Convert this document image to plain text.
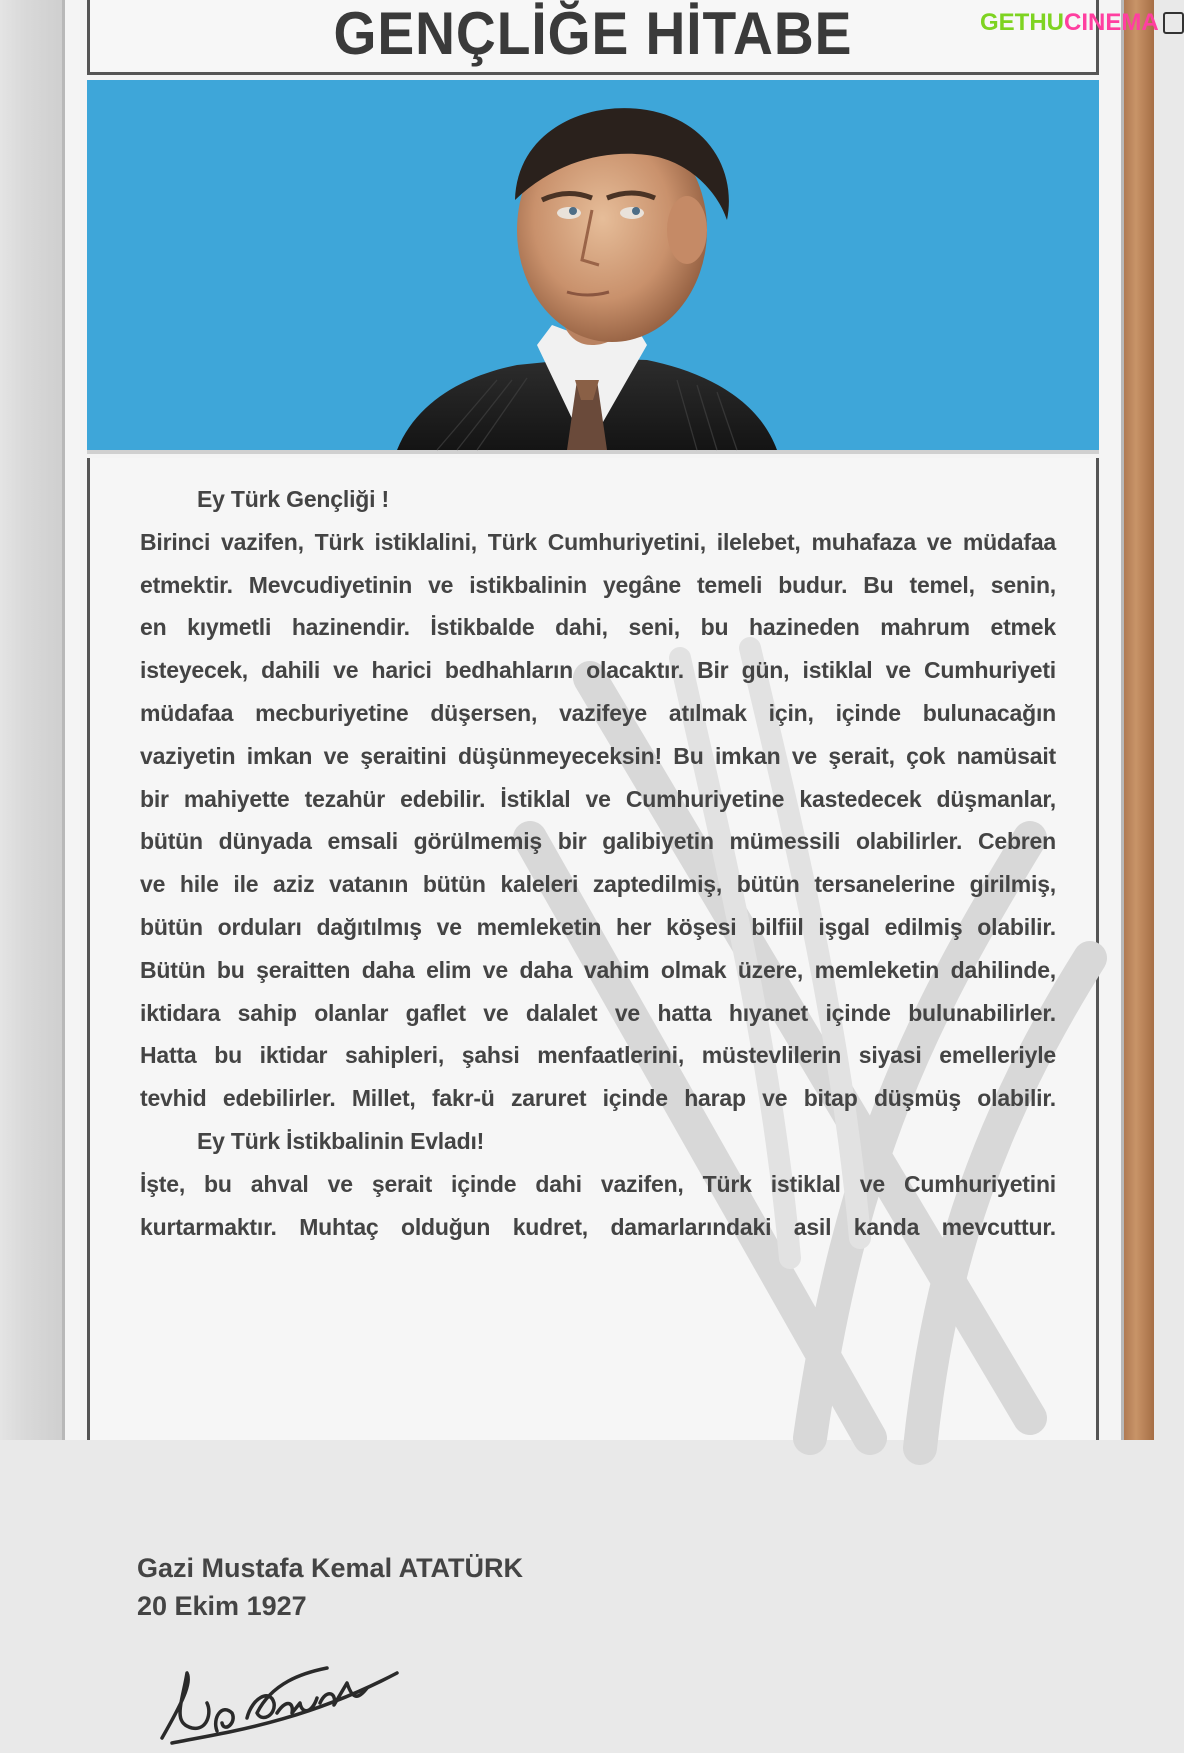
GENÇLİĞE HİTABE
Ey Türk Gençliği !
Birinci vazifen, Türk istiklalini, Türk Cumhuriyetini, ilelebet, muhafaza ve müdafaa
etmektir. Mevcudiyetinin ve istikbalinin yegâne temeli budur. Bu temel, senin,
en kıymetli hazinendir. İstikbalde dahi, seni, bu hazineden mahrum etmek
isteyecek, dahili ve harici bedhahların olacaktır. Bir gün, istiklal ve Cumhuriyeti
müdafaa mecburiyetine düşersen, vazifeye atılmak için, içinde bulunacağın
vaziyetin imkan ve şeraitini düşünmeyeceksin! Bu imkan ve şerait, çok namüsait
bir mahiyette tezahür edebilir. İstiklal ve Cumhuriyetine kastedecek düşmanlar,
bütün dünyada emsali görülmemiş bir galibiyetin mümessili olabilirler. Cebren
ve hile ile aziz vatanın bütün kaleleri zaptedilmiş, bütün tersanelerine girilmiş,
bütün orduları dağıtılmış ve memleketin her köşesi bilfiil işgal edilmiş olabilir.
Bütün bu şeraitten daha elim ve daha vahim olmak üzere, memleketin dahilinde,
iktidara sahip olanlar gaflet ve dalalet ve hatta hıyanet içinde bulunabilirler.
Hatta bu iktidar sahipleri, şahsi menfaatlerini, müstevlilerin siyasi emelleriyle
tevhid edebilirler. Millet, fakr-ü zaruret içinde harap ve bitap düşmüş olabilir.
Ey Türk İstikbalinin Evladı!
İşte, bu ahval ve şerait içinde dahi vazifen, Türk istiklal ve Cumhuriyetini
kurtarmaktır. Muhtaç olduğun kudret, damarlarındaki asil kanda mevcuttur.
Gazi Mustafa Kemal ATATÜRK
20 Ekim 1927
GETHU CINEMA
